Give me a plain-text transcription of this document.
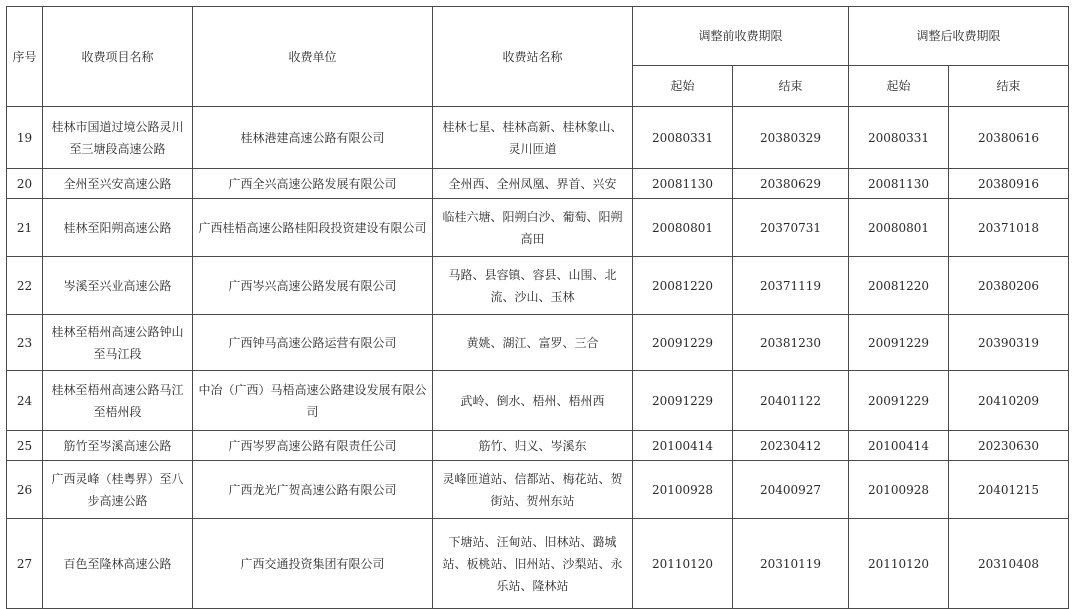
序号	收费项目名称	收费单位	收费站名称	调整前收费期限		调整后收费期限	
				起始	结束	起始	结束
19	桂林市国道过境公路灵川至三塘段高速公路	桂林港建高速公路有限公司	桂林七星、桂林高新、桂林象山、灵川匝道	20080331	20380329	20080331	20380616
20	全州至兴安高速公路	广西全兴高速公路发展有限公司	全州西、全州凤凰、界首、兴安	20081130	20380629	20081130	20380916
21	桂林至阳朔高速公路	广西桂梧高速公路桂阳段投资建设有限公司	临桂六塘、阳朔白沙、葡萄、阳朔高田	20080801	20370731	20080801	20371018
22	岑溪至兴业高速公路	广西岑兴高速公路发展有限公司	马路、县容镇、容县、山围、北流、沙山、玉林	20081220	20371119	20081220	20380206
23	桂林至梧州高速公路钟山至马江段	广西钟马高速公路运营有限公司	黄姚、湖江、富罗、三合	20091229	20381230	20091229	20390319
24	桂林至梧州高速公路马江至梧州段	中冶（广西）马梧高速公路建设发展有限公司	武岭、倒水、梧州、梧州西	20091229	20401122	20091229	20410209
25	筋竹至岑溪高速公路	广西岑罗高速公路有限责任公司	筋竹、归义、岑溪东	20100414	20230412	20100414	20230630
26	广西灵峰（桂粤界）至八步高速公路	广西龙光广贺高速公路有限公司	灵峰匝道站、信都站、梅花站、贺街站、贺州东站	20100928	20400927	20100928	20401215
27	百色至隆林高速公路	广西交通投资集团有限公司	下塘站、汪甸站、旧林站、潞城站、板桃站、旧州站、沙梨站、永乐站、隆林站	20110120	20310119	20110120	20310408
